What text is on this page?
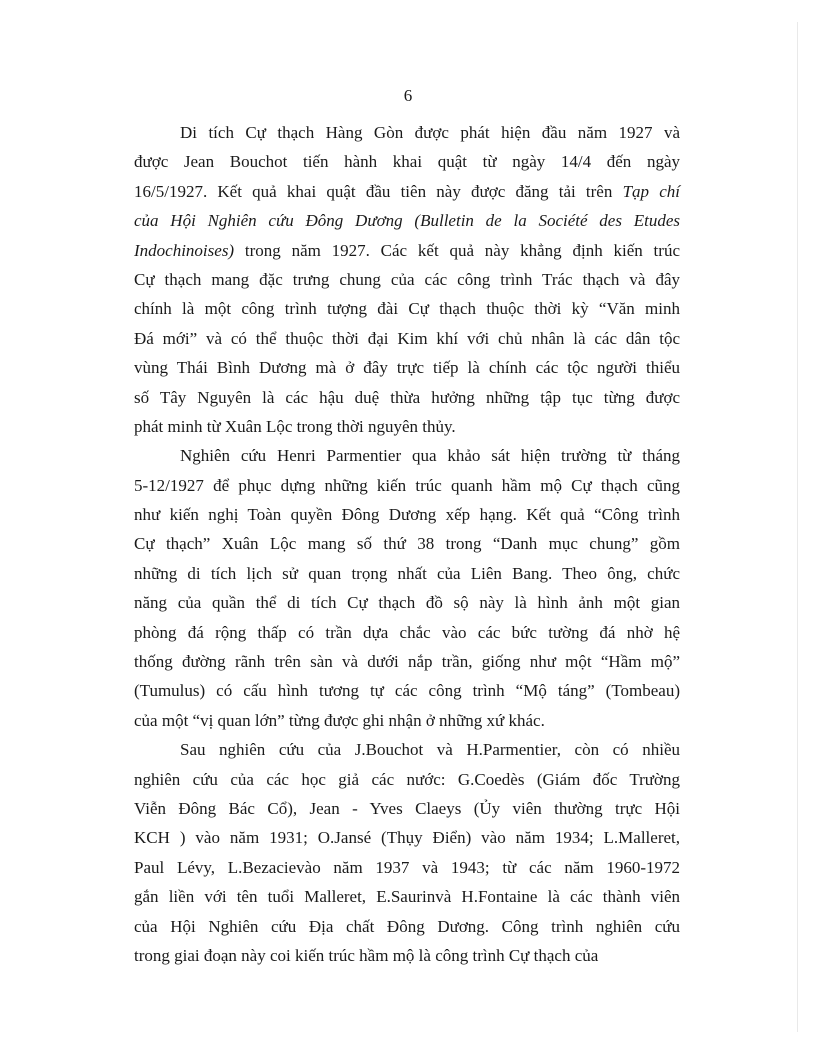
6
Di tích Cự thạch Hàng Gòn được phát hiện đầu năm 1927 và
được Jean Bouchot tiến hành khai quật từ ngày 14/4 đến ngày
16/5/1927. Kết quả khai quật đầu tiên này được đăng tải trên Tạp chí
của Hội Nghiên cứu Đông Dương (Bulletin de la Société des Etudes
Indochinoises) trong năm 1927. Các kết quả này khẳng định kiến trúc
Cự thạch mang đặc trưng chung của các công trình Trác thạch và đây
chính là một công trình tượng đài Cự thạch thuộc thời kỳ “Văn minh
Đá mới” và có thể thuộc thời đại Kim khí với chủ nhân là các dân tộc
vùng Thái Bình Dương mà ở đây trực tiếp là chính các tộc người thiểu
số Tây Nguyên là các hậu duệ thừa hưởng những tập tục từng được
phát minh từ Xuân Lộc trong thời nguyên thủy.
Nghiên cứu Henri Parmentier qua khảo sát hiện trường từ tháng
5-12/1927 để phục dựng những kiến trúc quanh hầm mộ Cự thạch cũng
như kiến nghị Toàn quyền Đông Dương xếp hạng. Kết quả “Công trình
Cự thạch” Xuân Lộc mang số thứ 38 trong “Danh mục chung” gồm
những di tích lịch sử quan trọng nhất của Liên Bang. Theo ông, chức
năng của quần thể di tích Cự thạch đồ sộ này là hình ảnh một gian
phòng đá rộng thấp có trần dựa chắc vào các bức tường đá nhờ hệ
thống đường rãnh trên sàn và dưới nắp trần, giống như một “Hầm mộ”
(Tumulus) có cấu hình tương tự các công trình “Mộ táng” (Tombeau)
của một “vị quan lớn” từng được ghi nhận ở những xứ khác.
Sau nghiên cứu của J.Bouchot và H.Parmentier, còn có nhiều
nghiên cứu của các học giả các nước: G.Coedès (Giám đốc Trường
Viễn Đông Bác Cổ), Jean - Yves Claeys (Ủy viên thường trực Hội
KCH ) vào năm 1931; O.Jansé (Thụy Điển) vào năm 1934; L.Malleret,
Paul Lévy, L.Bezacievào năm 1937 và 1943; từ các năm 1960-1972
gắn liền với tên tuổi Malleret, E.Saurinvà H.Fontaine là các thành viên
của Hội Nghiên cứu Địa chất Đông Dương. Công trình nghiên cứu
trong giai đoạn này coi kiến trúc hầm mộ là công trình Cự thạch của
